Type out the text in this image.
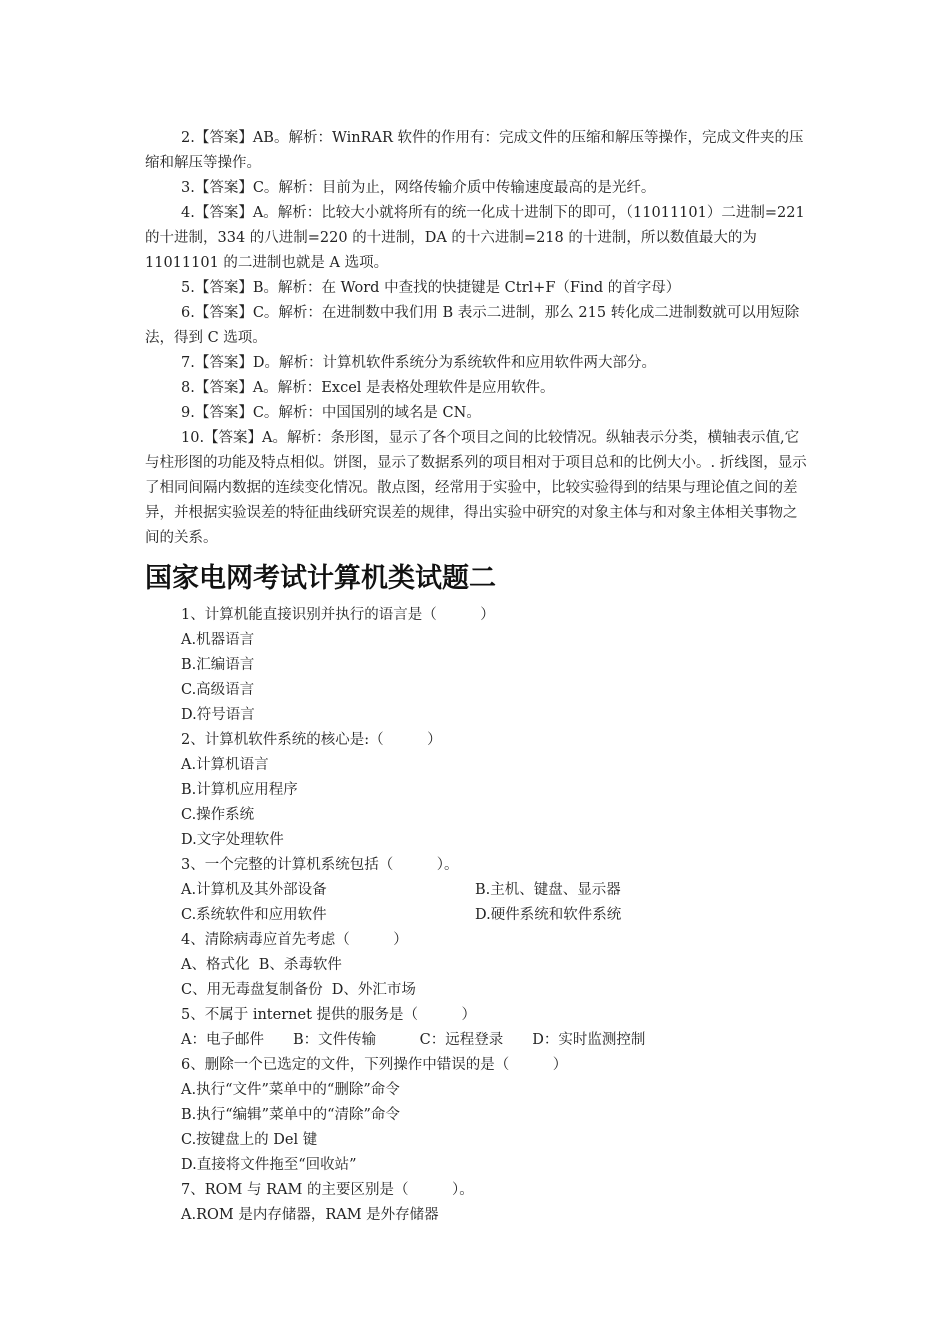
2.【答案】AB。解析：WinRAR 软件的作用有：完成文件的压缩和解压等操作，完成文件夹的压缩和解压等操作。

3.【答案】C。解析：目前为止，网络传输介质中传输速度最高的是光纤。

4.【答案】A。解析：比较大小就将所有的统一化成十进制下的即可，（11011101）二进制=221 的十进制，334 的八进制=220 的十进制，DA 的十六进制=218 的十进制，所以数值最大的为 11011101 的二进制也就是 A 选项。

5.【答案】B。解析：在 Word 中查找的快捷键是 Ctrl+F（Find 的首字母）

6.【答案】C。解析：在进制数中我们用 B 表示二进制，那么 215 转化成二进制数就可以用短除法，得到 C 选项。

7.【答案】D。解析：计算机软件系统分为系统软件和应用软件两大部分。

8.【答案】A。解析：Excel 是表格处理软件是应用软件。

9.【答案】C。解析：中国国别的域名是 CN。

10.【答案】A。解析：条形图，显示了各个项目之间的比较情况。纵轴表示分类，横轴表示值,它与柱形图的功能及特点相似。饼图，显示了数据系列的项目相对于项目总和的比例大小。. 折线图，显示了相同间隔内数据的连续变化情况。散点图，经常用于实验中，比较实验得到的结果与理论值之间的差异，并根据实验误差的特征曲线研究误差的规律，得出实验中研究的对象主体与和对象主体相关事物之间的关系。

国家电网考试计算机类试题二

1、计算机能直接识别并执行的语言是（　　　）

A.机器语言

B.汇编语言

C.高级语言

D.符号语言

2、计算机软件系统的核心是:（　　　）

A.计算机语言

B.计算机应用程序

C.操作系统

D.文字处理软件

3、一个完整的计算机系统包括（　　　）。

A.计算机及其外部设备	B.主机、键盘、显示器
C.系统软件和应用软件	D.硬件系统和软件系统

4、清除病毒应首先考虑（　　　）

A、格式化  B、杀毒软件

C、用无毒盘复制备份  D、外汇市场

5、不属于 internet 提供的服务是（　　　）

A：电子邮件　　B：文件传输　　　C：远程登录　　D：实时监测控制

6、删除一个已选定的文件，下列操作中错误的是（　　　）

A.执行“文件”菜单中的“删除”命令

B.执行“编辑”菜单中的“清除”命令

C.按键盘上的 Del 键

D.直接将文件拖至“回收站”

7、ROM 与 RAM 的主要区别是（　　　）。

A.ROM 是内存储器，RAM 是外存储器
